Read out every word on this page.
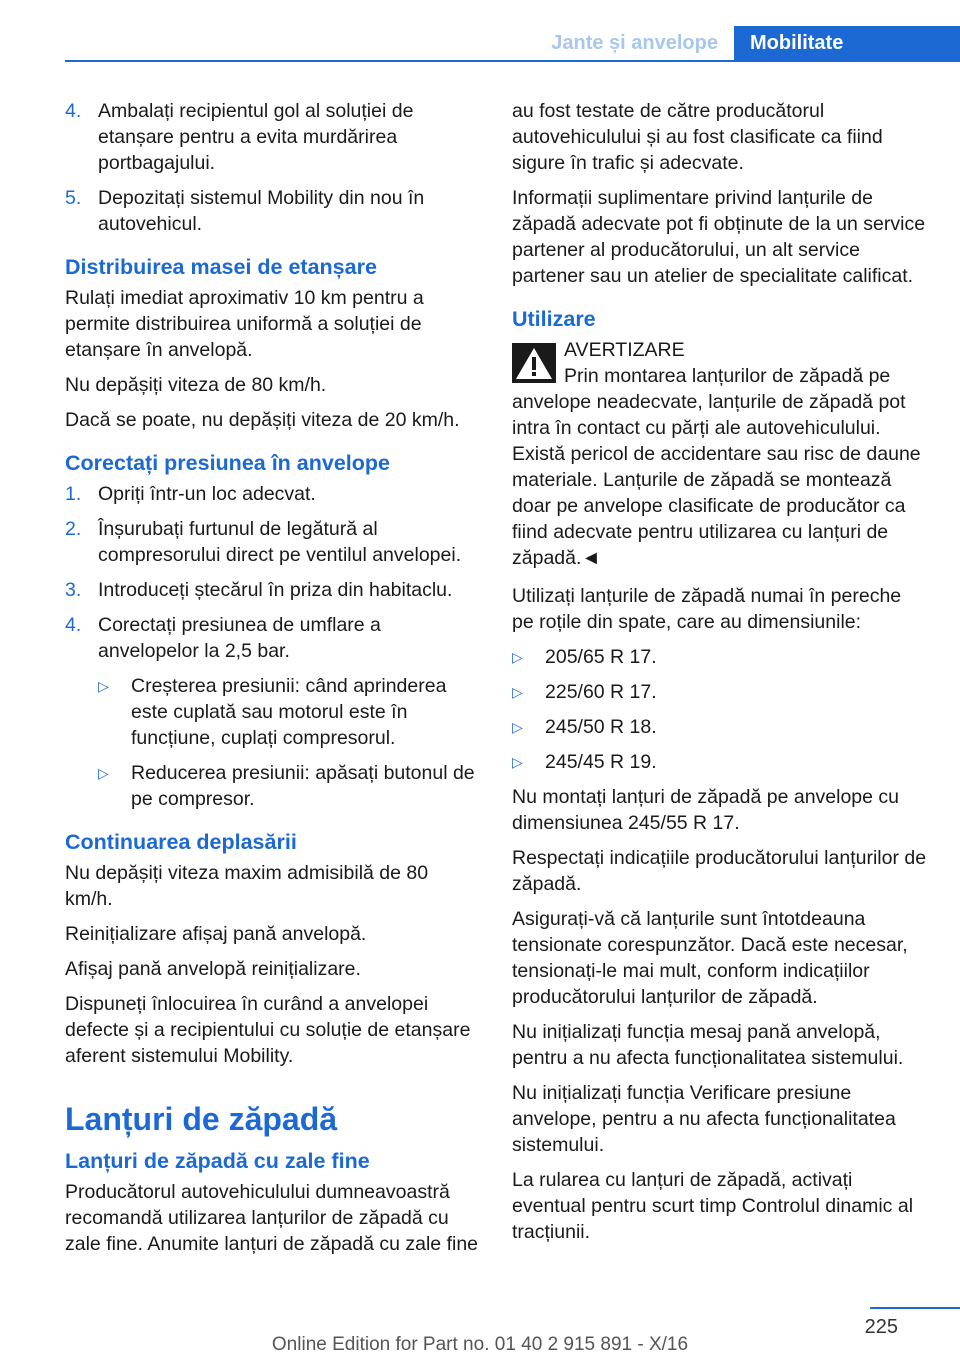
Jante și anvelope	Mobilitate
4. Ambalați recipientul gol al soluției de etanșare pentru a evita murdărirea portbagajului.
5. Depozitați sistemul Mobility din nou în autovehicul.
Distribuirea masei de etanșare

Rulați imediat aproximativ 10 km pentru a permite distribuirea uniformă a soluției de etanșare în anvelopă.

Nu depășiți viteza de 80 km/h.

Dacă se poate, nu depășiți viteza de 20 km/h.

Corectați presiunea în anvelope
1. Opriți într-un loc adecvat.
2. Înșurubați furtunul de legătură al compresorului direct pe ventilul anvelopei.
3. Introduceți ștecărul în priza din habitaclu.
4. Corectați presiunea de umflare a anvelopelor la 2,5 bar.
▷ Creșterea presiunii: când aprinderea este cuplată sau motorul este în funcțiune, cuplați compresorul.
▷ Reducerea presiunii: apăsați butonul de pe compresor.
Continuarea deplasării

Nu depășiți viteza maxim admisibilă de 80 km/h.

Reinițializare afișaj pană anvelopă.

Afișaj pană anvelopă reinițializare.

Dispuneți înlocuirea în curând a anvelopei defecte și a recipientului cu soluție de etanșare aferent sistemului Mobility.

Lanțuri de zăpadă
Lanțuri de zăpadă cu zale fine

Producătorul autovehiculului dumneavoastră recomandă utilizarea lanțurilor de zăpadă cu zale fine. Anumite lanțuri de zăpadă cu zale fine

au fost testate de către producătorul autovehiculului și au fost clasificate ca fiind sigure în trafic și adecvate.

Informații suplimentare privind lanțurile de zăpadă adecvate pot fi obținute de la un service partener al producătorului, un alt service partener sau un atelier de specialitate calificat.

Utilizare
AVERTIZARE
Prin montarea lanțurilor de zăpadă pe anvelope neadecvate, lanțurile de zăpadă pot intra în contact cu părți ale autovehiculului. Există pericol de accidentare sau risc de daune materiale. Lanțurile de zăpadă se montează doar pe anvelope clasificate de producător ca fiind adecvate pentru utilizarea cu lanțuri de zăpadă.◄

Utilizați lanțurile de zăpadă numai în pereche pe roțile din spate, care au dimensiunile:

▷ 205/65 R 17.
▷ 225/60 R 17.
▷ 245/50 R 18.
▷ 245/45 R 19.

Nu montați lanțuri de zăpadă pe anvelope cu dimensiunea 245/55 R 17.

Respectați indicațiile producătorului lanțurilor de zăpadă.

Asigurați-vă că lanțurile sunt întotdeauna tensionate corespunzător. Dacă este necesar, tensionați-le mai mult, conform indicațiilor producătorului lanțurilor de zăpadă.

Nu inițializați funcția mesaj pană anvelopă, pentru a nu afecta funcționalitatea sistemului.

Nu inițializați funcția Verificare presiune anvelope, pentru a nu afecta funcționalitatea sistemului.

La rularea cu lanțuri de zăpadă, activați eventual pentru scurt timp Controlul dinamic al tracțiunii.

225
Online Edition for Part no. 01 40 2 915 891 - X/16
